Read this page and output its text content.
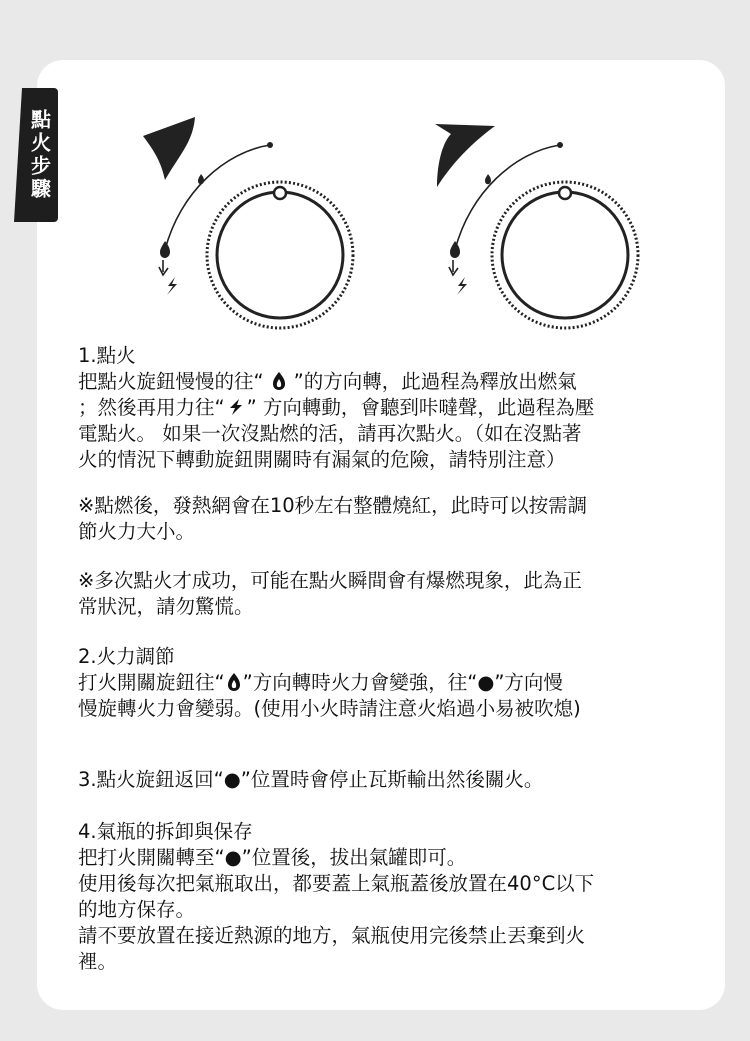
點火步驟

1.點火

把點火旋鈕慢慢的往“ ”的方向轉，此過程為釋放出燃氣

；然後再用力往“ ” 方向轉動，會聽到咔噠聲，此過程為壓

電點火。 如果一次沒點燃的活，請再次點火。（如在沒點著

火的情況下轉動旋鈕開關時有漏氣的危險，請特別注意）

※點燃後，發熱網會在10秒左右整體燒紅，此時可以按需調

節火力大小。

※多次點火才成功，可能在點火瞬間會有爆燃現象，此為正

常狀況，請勿驚慌。

2.火力調節

打火開關旋鈕往“ ”方向轉時火力會變強，往“●”方向慢

慢旋轉火力會變弱。(使用小火時請注意火焰過小易被吹熄)

3.點火旋鈕返回“●”位置時會停止瓦斯輸出然後關火。

4.氣瓶的拆卸與保存

把打火開關轉至“●”位置後，拔出氣罐即可。

使用後每次把氣瓶取出，都要蓋上氣瓶蓋後放置在40°C以下

的地方保存。

請不要放置在接近熱源的地方，氣瓶使用完後禁止丟棄到火

裡。
